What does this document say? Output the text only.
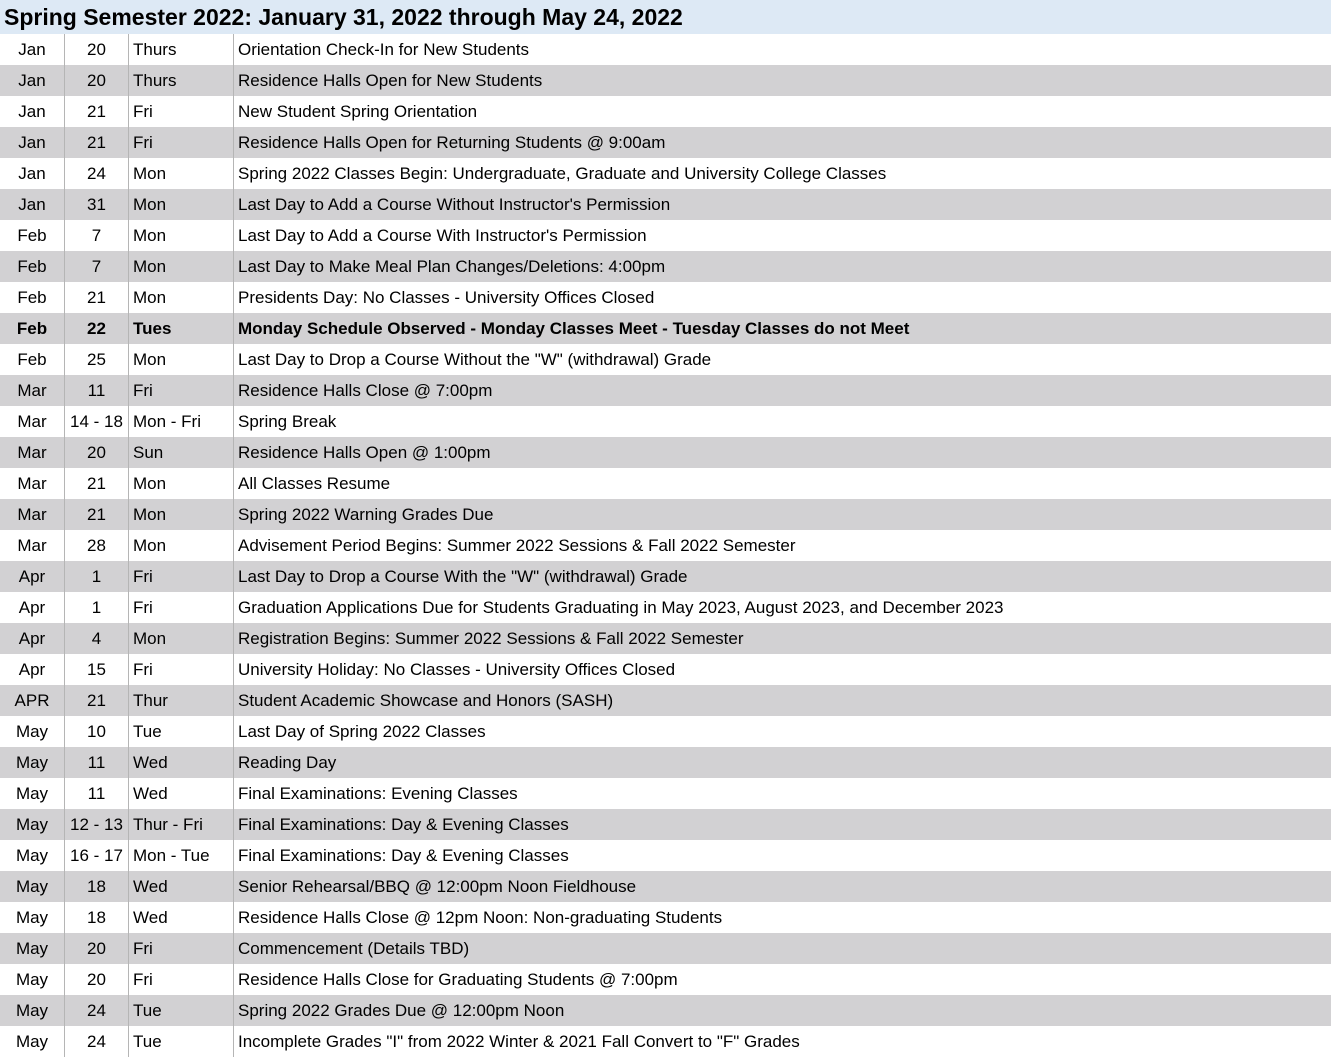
Spring Semester 2022: January 31, 2022 through May 24, 2022
Jan	20	Thurs	Orientation Check-In for New Students
Jan	20	Thurs	Residence Halls Open for New Students
Jan	21	Fri	New Student Spring Orientation
Jan	21	Fri	Residence Halls Open for Returning Students @ 9:00am
Jan	24	Mon	Spring 2022 Classes Begin: Undergraduate, Graduate and University College Classes
Jan	31	Mon	Last Day to Add a Course Without Instructor's Permission
Feb	7	Mon	Last Day to Add a Course With Instructor's Permission
Feb	7	Mon	Last Day to Make Meal Plan Changes/Deletions: 4:00pm
Feb	21	Mon	Presidents Day: No Classes - University Offices Closed
Feb	22	Tues	Monday Schedule Observed - Monday Classes Meet - Tuesday Classes do not Meet
Feb	25	Mon	Last Day to Drop a Course Without the "W" (withdrawal) Grade
Mar	11	Fri	Residence Halls Close @ 7:00pm
Mar	14 - 18	Mon - Fri	Spring Break
Mar	20	Sun	Residence Halls Open @ 1:00pm
Mar	21	Mon	All Classes Resume
Mar	21	Mon	Spring 2022 Warning Grades Due
Mar	28	Mon	Advisement Period Begins: Summer 2022 Sessions & Fall 2022 Semester
Apr	1	Fri	Last Day to Drop a Course With the "W" (withdrawal) Grade
Apr	1	Fri	Graduation Applications Due for Students Graduating in May 2023, August 2023, and December 2023
Apr	4	Mon	Registration Begins: Summer 2022 Sessions & Fall 2022 Semester
Apr	15	Fri	University Holiday: No Classes - University Offices Closed
APR	21	Thur	Student Academic Showcase and Honors (SASH)
May	10	Tue	Last Day of Spring 2022 Classes
May	11	Wed	Reading Day
May	11	Wed	Final Examinations: Evening Classes
May	12 - 13	Thur - Fri	Final Examinations: Day & Evening Classes
May	16 - 17	Mon - Tue	Final Examinations: Day & Evening Classes
May	18	Wed	Senior Rehearsal/BBQ @ 12:00pm Noon Fieldhouse
May	18	Wed	Residence Halls Close @ 12pm Noon: Non-graduating Students
May	20	Fri	Commencement (Details TBD)
May	20	Fri	Residence Halls Close for Graduating Students @ 7:00pm
May	24	Tue	Spring 2022 Grades Due @ 12:00pm Noon
May	24	Tue	Incomplete Grades "I" from 2022 Winter & 2021 Fall Convert to "F" Grades
